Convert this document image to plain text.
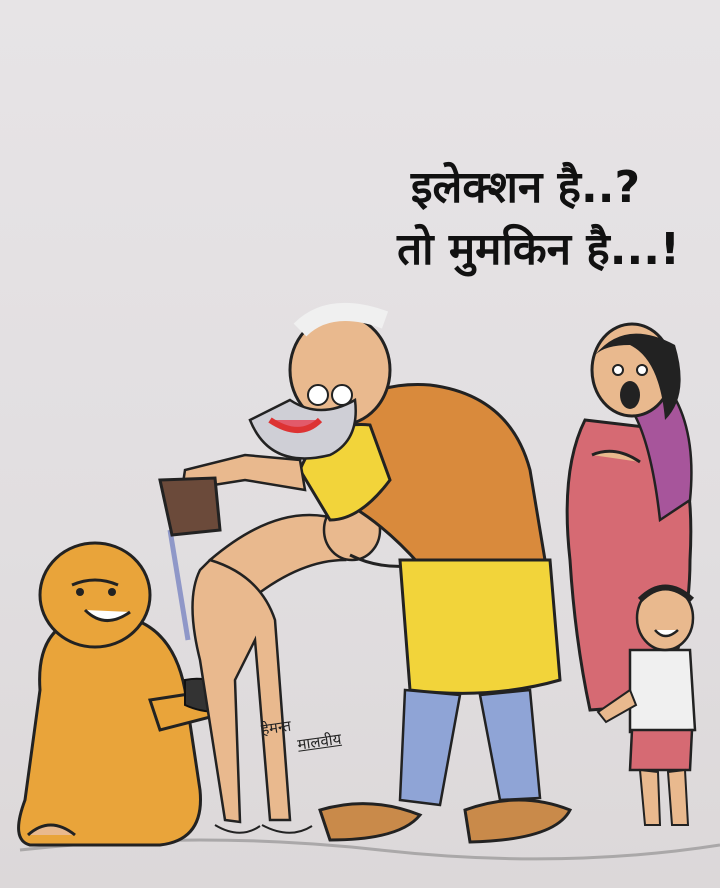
इलेक्शन है..?
तो मुमकिन है...!
हेमन्त
मालवीय
